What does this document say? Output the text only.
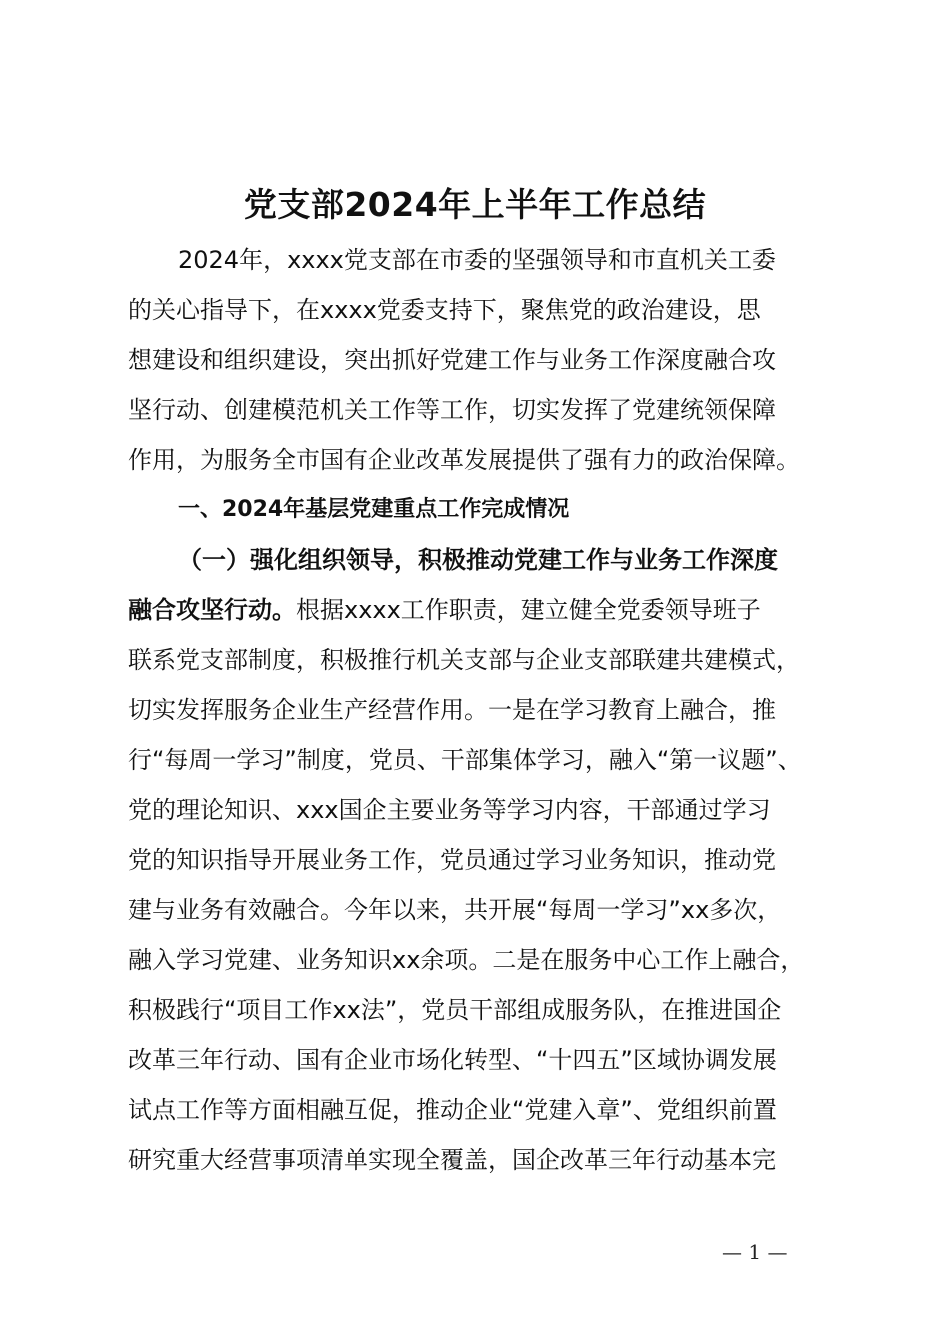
党支部2024年上半年工作总结
2024年，xxxx党支部在市委的坚强领导和市直机关工委
的关心指导下，在xxxx党委支持下，聚焦党的政治建设，思
想建设和组织建设，突出抓好党建工作与业务工作深度融合攻
坚行动、创建模范机关工作等工作，切实发挥了党建统领保障
作用，为服务全市国有企业改革发展提供了强有力的政治保障。
一、2024年基层党建重点工作完成情况
（一）强化组织领导，积极推动党建工作与业务工作深度
融合攻坚行动。根据xxxx工作职责，建立健全党委领导班子
联系党支部制度，积极推行机关支部与企业支部联建共建模式，
切实发挥服务企业生产经营作用。一是在学习教育上融合，推
行“每周一学习”制度，党员、干部集体学习，融入“第一议题”、
党的理论知识、xxx国企主要业务等学习内容，干部通过学习
党的知识指导开展业务工作，党员通过学习业务知识，推动党
建与业务有效融合。今年以来，共开展“每周一学习”xx多次，
融入学习党建、业务知识xx余项。二是在服务中心工作上融合，
积极践行“项目工作xx法”，党员干部组成服务队，在推进国企
改革三年行动、国有企业市场化转型、“十四五”区域协调发展
试点工作等方面相融互促，推动企业“党建入章”、党组织前置
研究重大经营事项清单实现全覆盖，国企改革三年行动基本完
— 1 —
